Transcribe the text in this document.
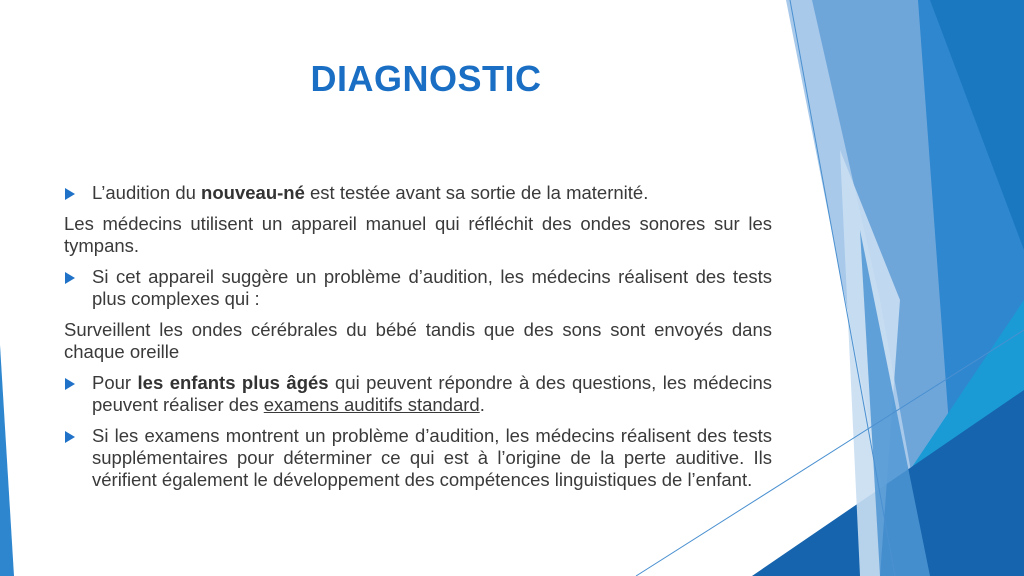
DIAGNOSTIC
L’audition du nouveau-né est testée avant sa sortie de la maternité.
Les médecins utilisent un appareil manuel qui réfléchit des ondes sonores sur les tympans.
Si cet appareil suggère un problème d’audition, les médecins réalisent des tests plus complexes qui :
Surveillent les ondes cérébrales du bébé tandis que des sons sont envoyés dans chaque oreille
Pour les enfants plus âgés qui peuvent répondre à des questions, les médecins peuvent réaliser des examens auditifs standard.
Si les examens montrent un problème d’audition, les médecins réalisent des tests supplémentaires pour déterminer ce qui est à l’origine de la perte auditive. Ils vérifient également le développement des compétences linguistiques de l’enfant.
